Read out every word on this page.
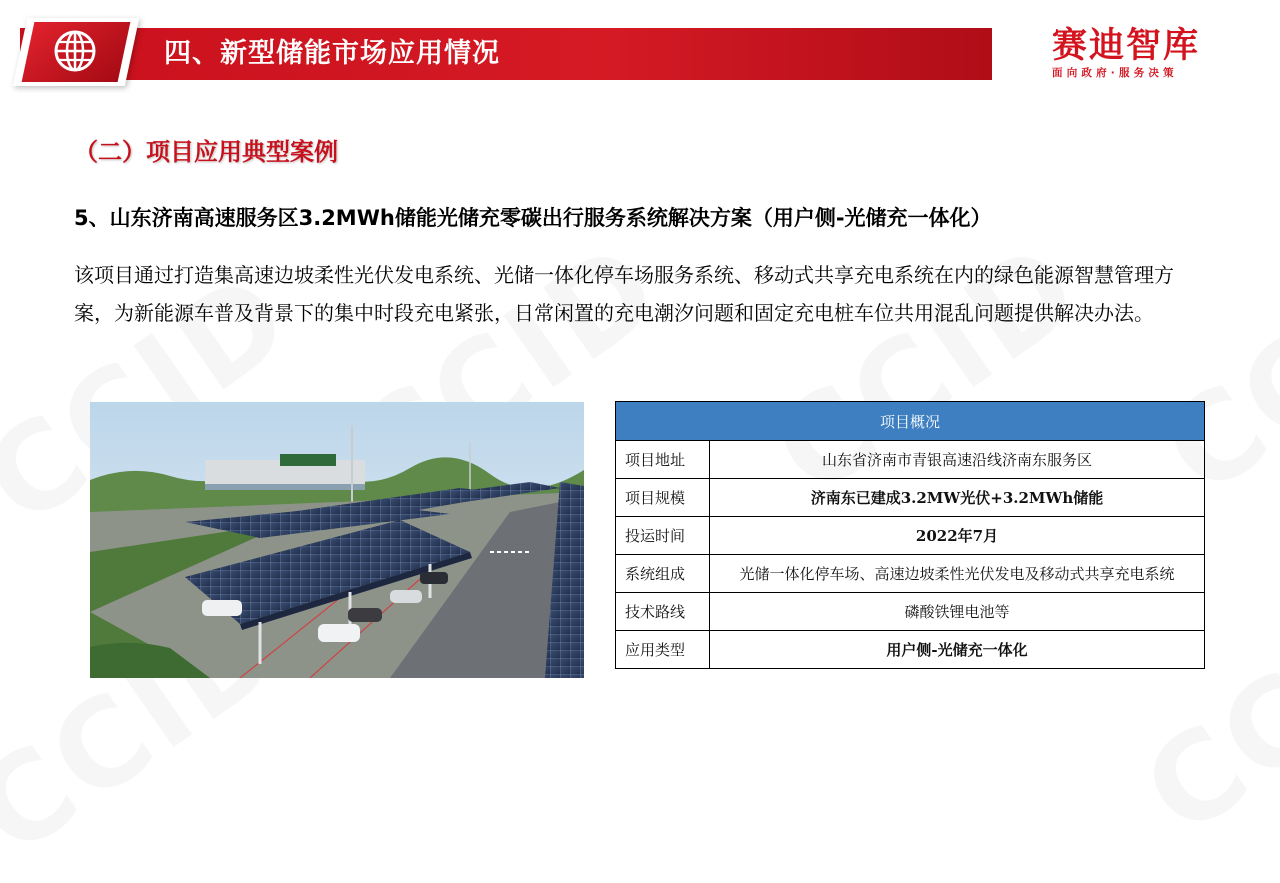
四、新型储能市场应用情况	赛迪智库
面向政府·服务决策
（二）项目应用典型案例
5、山东济南高速服务区3.2MWh储能光储充零碳出行服务系统解决方案（用户侧-光储充一体化）
该项目通过打造集高速边坡柔性光伏发电系统、光储一体化停车场服务系统、移动式共享充电系统在内的绿色能源智慧管理方案，为新能源车普及背景下的集中时段充电紧张，日常闲置的充电潮汐问题和固定充电桩车位共用混乱问题提供解决办法。
项目概况	
项目地址	山东省济南市青银高速沿线济南东服务区
项目规模	济南东已建成3.2MW光伏+3.2MWh储能
投运时间	2022年7月
系统组成	光储一体化停车场、高速边坡柔性光伏发电及移动式共享充电系统
技术路线	磷酸铁锂电池等
应用类型	用户侧-光储充一体化
